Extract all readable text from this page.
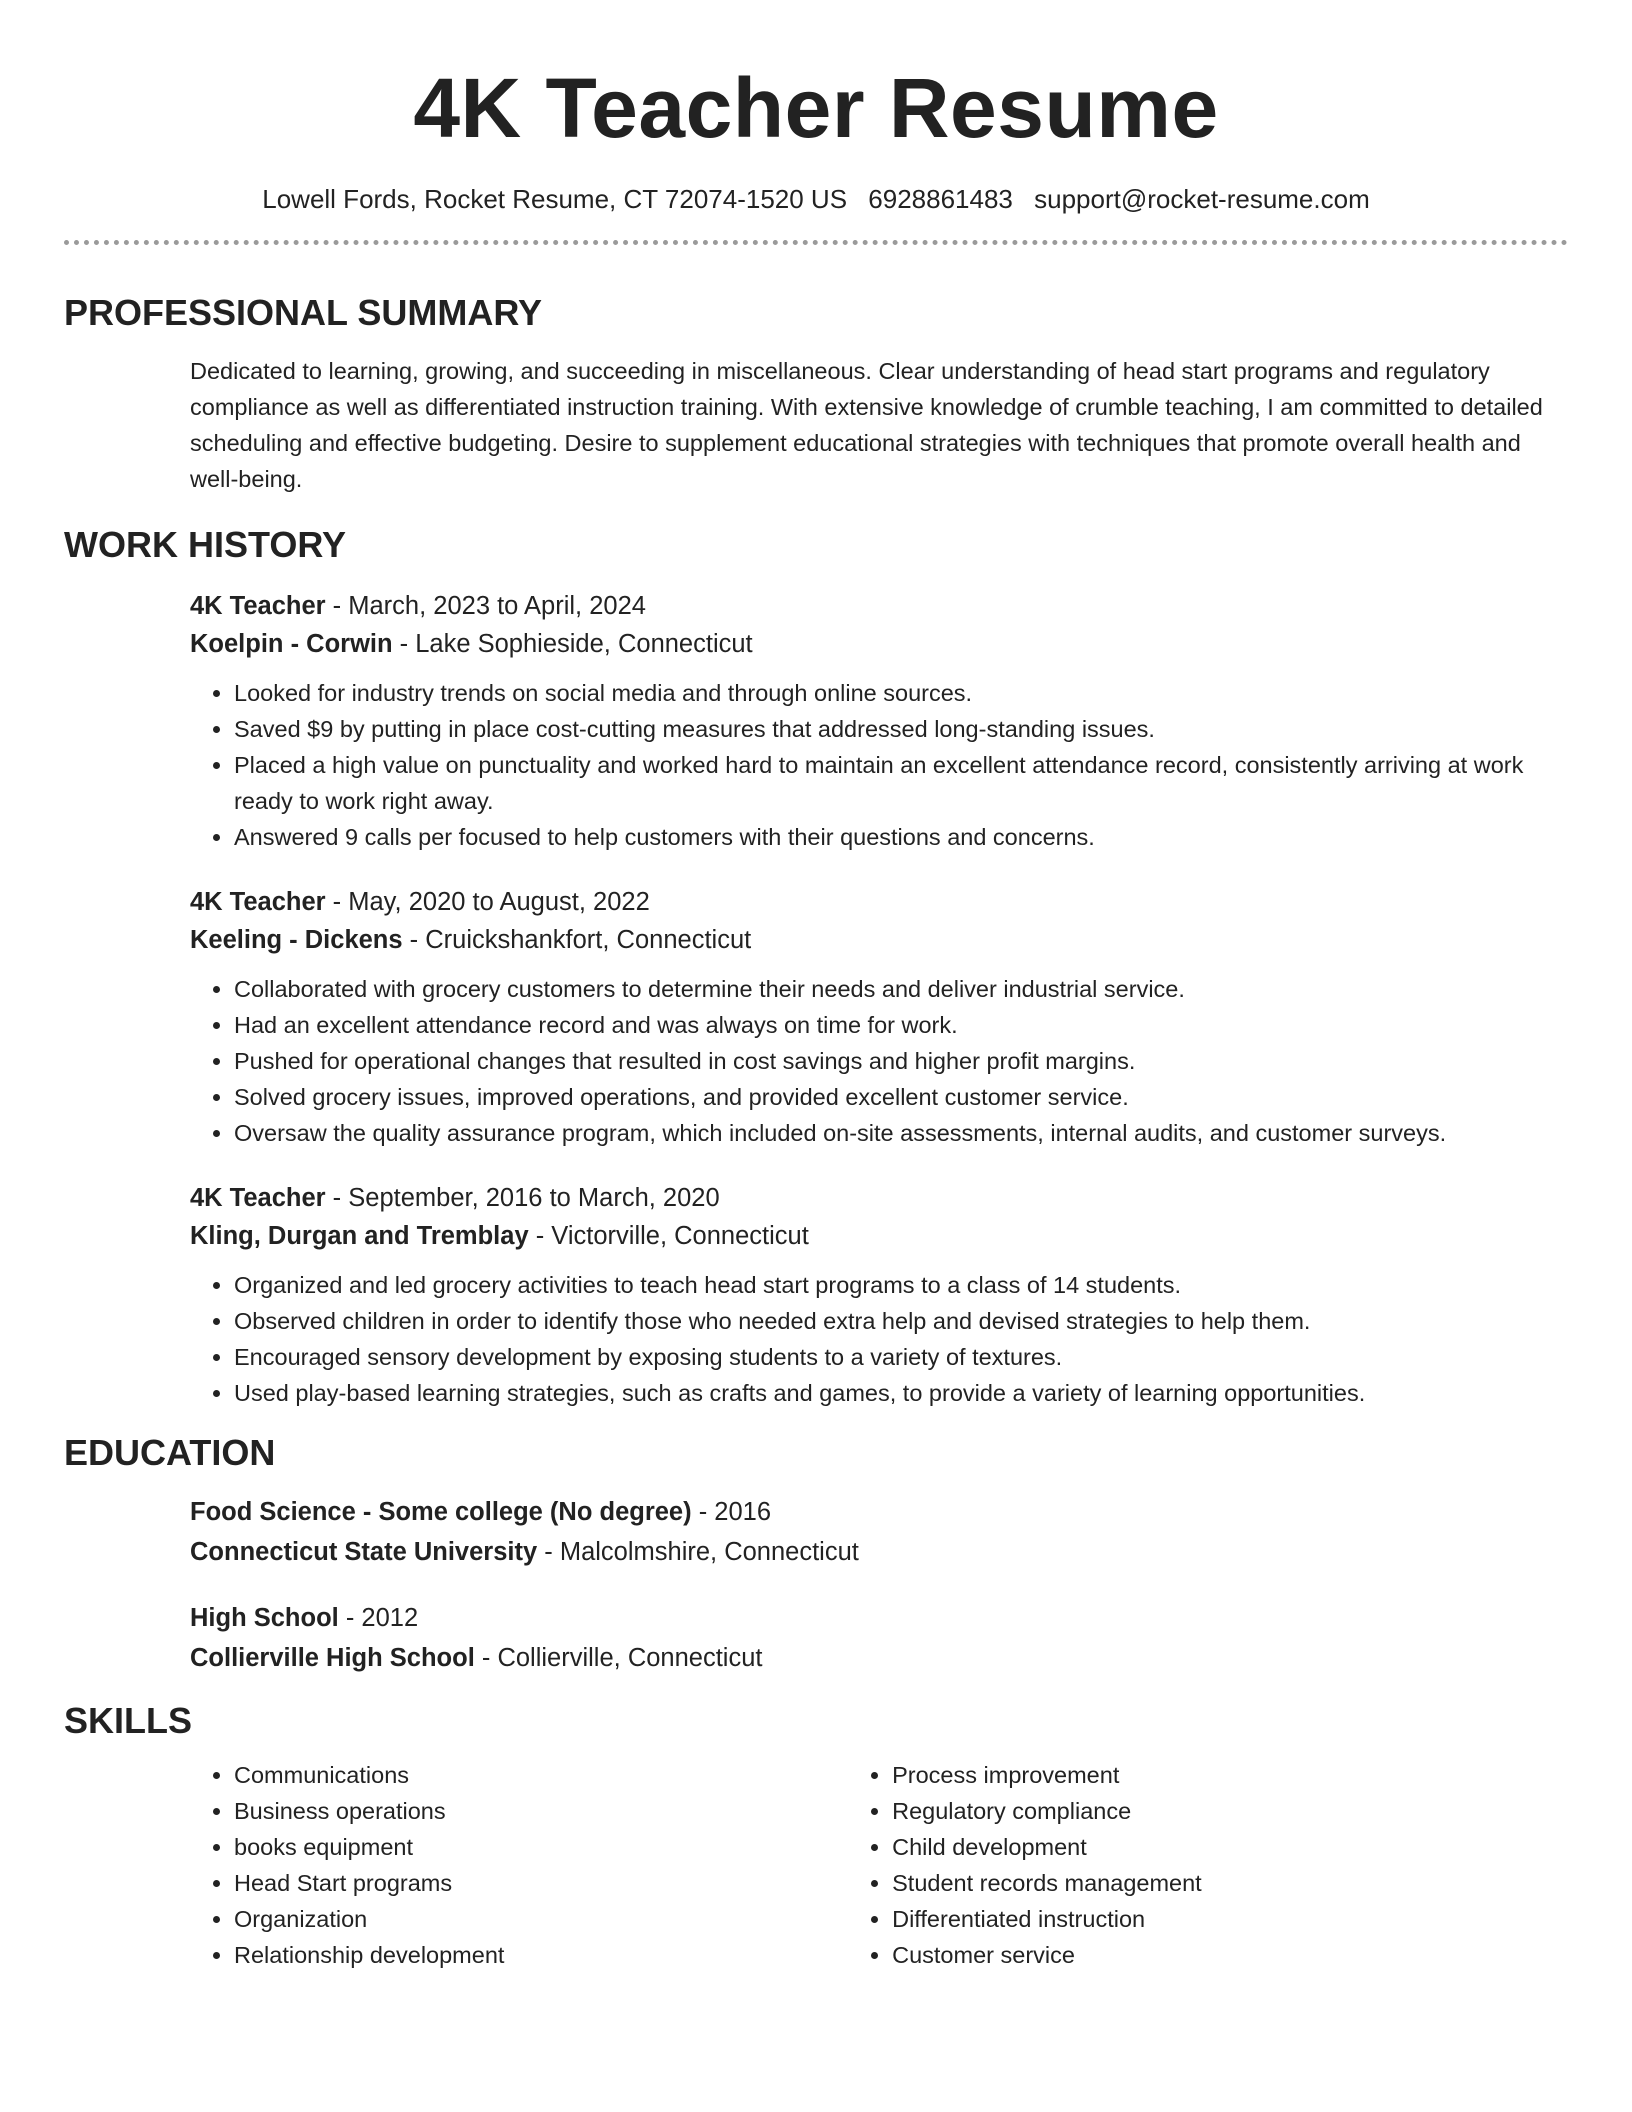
4K Teacher Resume
Lowell Fords, Rocket Resume, CT 72074-1520 US 6928861483 support@rocket-resume.com
PROFESSIONAL SUMMARY

Dedicated to learning, growing, and succeeding in miscellaneous. Clear understanding of head start programs and regulatory compliance as well as differentiated instruction training. With extensive knowledge of crumble teaching, I am committed to detailed scheduling and effective budgeting. Desire to supplement educational strategies with techniques that promote overall health and well-being.

WORK HISTORY
4K Teacher - March, 2023 to April, 2024
Koelpin - Corwin - Lake Sophieside, Connecticut
• Looked for industry trends on social media and through online sources.
• Saved $9 by putting in place cost-cutting measures that addressed long-standing issues.
• Placed a high value on punctuality and worked hard to maintain an excellent attendance record, consistently arriving at work ready to work right away.
• Answered 9 calls per focused to help customers with their questions and concerns.
4K Teacher - May, 2020 to August, 2022
Keeling - Dickens - Cruickshankfort, Connecticut
• Collaborated with grocery customers to determine their needs and deliver industrial service.
• Had an excellent attendance record and was always on time for work.
• Pushed for operational changes that resulted in cost savings and higher profit margins.
• Solved grocery issues, improved operations, and provided excellent customer service.
• Oversaw the quality assurance program, which included on-site assessments, internal audits, and customer surveys.
4K Teacher - September, 2016 to March, 2020
Kling, Durgan and Tremblay - Victorville, Connecticut
• Organized and led grocery activities to teach head start programs to a class of 14 students.
• Observed children in order to identify those who needed extra help and devised strategies to help them.
• Encouraged sensory development by exposing students to a variety of textures.
• Used play-based learning strategies, such as crafts and games, to provide a variety of learning opportunities.
EDUCATION
Food Science - Some college (No degree) - 2016
Connecticut State University - Malcolmshire, Connecticut
High School - 2012
Collierville High School - Collierville, Connecticut
SKILLS
• Communications
• Business operations
• books equipment
• Head Start programs
• Organization
• Relationship development
• Process improvement
• Regulatory compliance
• Child development
• Student records management
• Differentiated instruction
• Customer service
